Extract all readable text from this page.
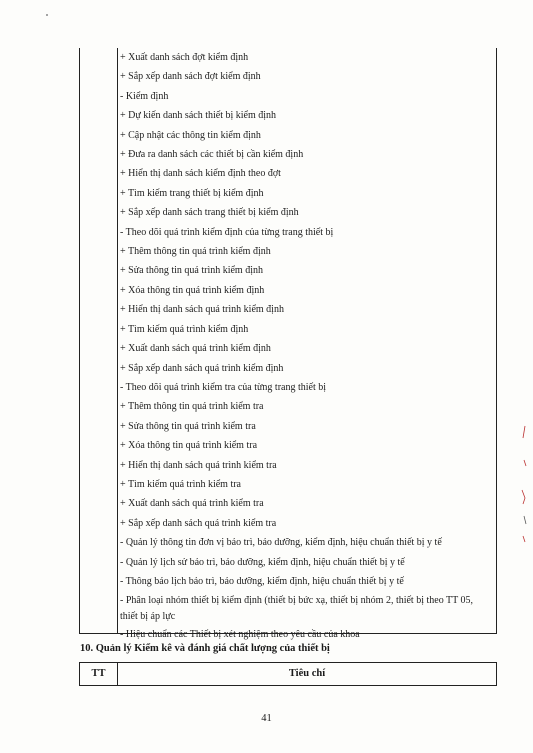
+ Xuất danh sách đợt kiểm định
+ Sắp xếp danh sách đợt kiểm định
- Kiểm định
+ Dự kiến danh sách thiết bị kiểm định
+ Cập nhật các thông tin kiểm định
+ Đưa ra danh sách các thiết bị cần kiểm định
+ Hiển thị danh sách kiểm định theo đợt
+ Tìm kiếm trang thiết bị kiểm định
+ Sắp xếp danh sách trang thiết bị kiểm định
- Theo dõi quá trình kiểm định của từng trang thiết bị
+ Thêm thông tin quá trình kiểm định
+ Sửa thông tin quá trình kiểm định
+ Xóa thông tin quá trình kiểm định
+ Hiển thị danh sách quá trình kiểm định
+ Tìm kiếm quá trình kiểm định
+ Xuất danh sách quá trình kiểm định
+ Sắp xếp danh sách quá trình kiểm định
- Theo dõi quá trình kiểm tra của từng trang thiết bị
+ Thêm thông tin quá trình kiểm tra
+ Sửa thông tin quá trình kiểm tra
+ Xóa thông tin quá trình kiểm tra
+ Hiển thị danh sách quá trình kiểm tra
+ Tìm kiếm quá trình kiểm tra
+ Xuất danh sách quá trình kiểm tra
+ Sắp xếp danh sách quá trình kiểm tra
- Quản lý thông tin đơn vị bảo trì, bảo dưỡng, kiểm định, hiệu chuẩn thiết bị y tế
- Quản lý lịch sử bảo trì, bảo dưỡng, kiểm định, hiệu chuẩn thiết bị y tế
- Thông báo lịch bảo trì, bảo dưỡng, kiểm định, hiệu chuẩn thiết bị y tế
- Phân loại nhóm thiết bị kiểm định (thiết bị bức xạ, thiết bị nhóm 2, thiết bị theo TT 05, thiết bị áp lực
- Hiệu chuẩn các Thiết bị xét nghiệm theo yêu cầu của khoa
10. Quản lý Kiểm kê và đánh giá chất lượng của thiết bị
TT	Tiêu chí
41
